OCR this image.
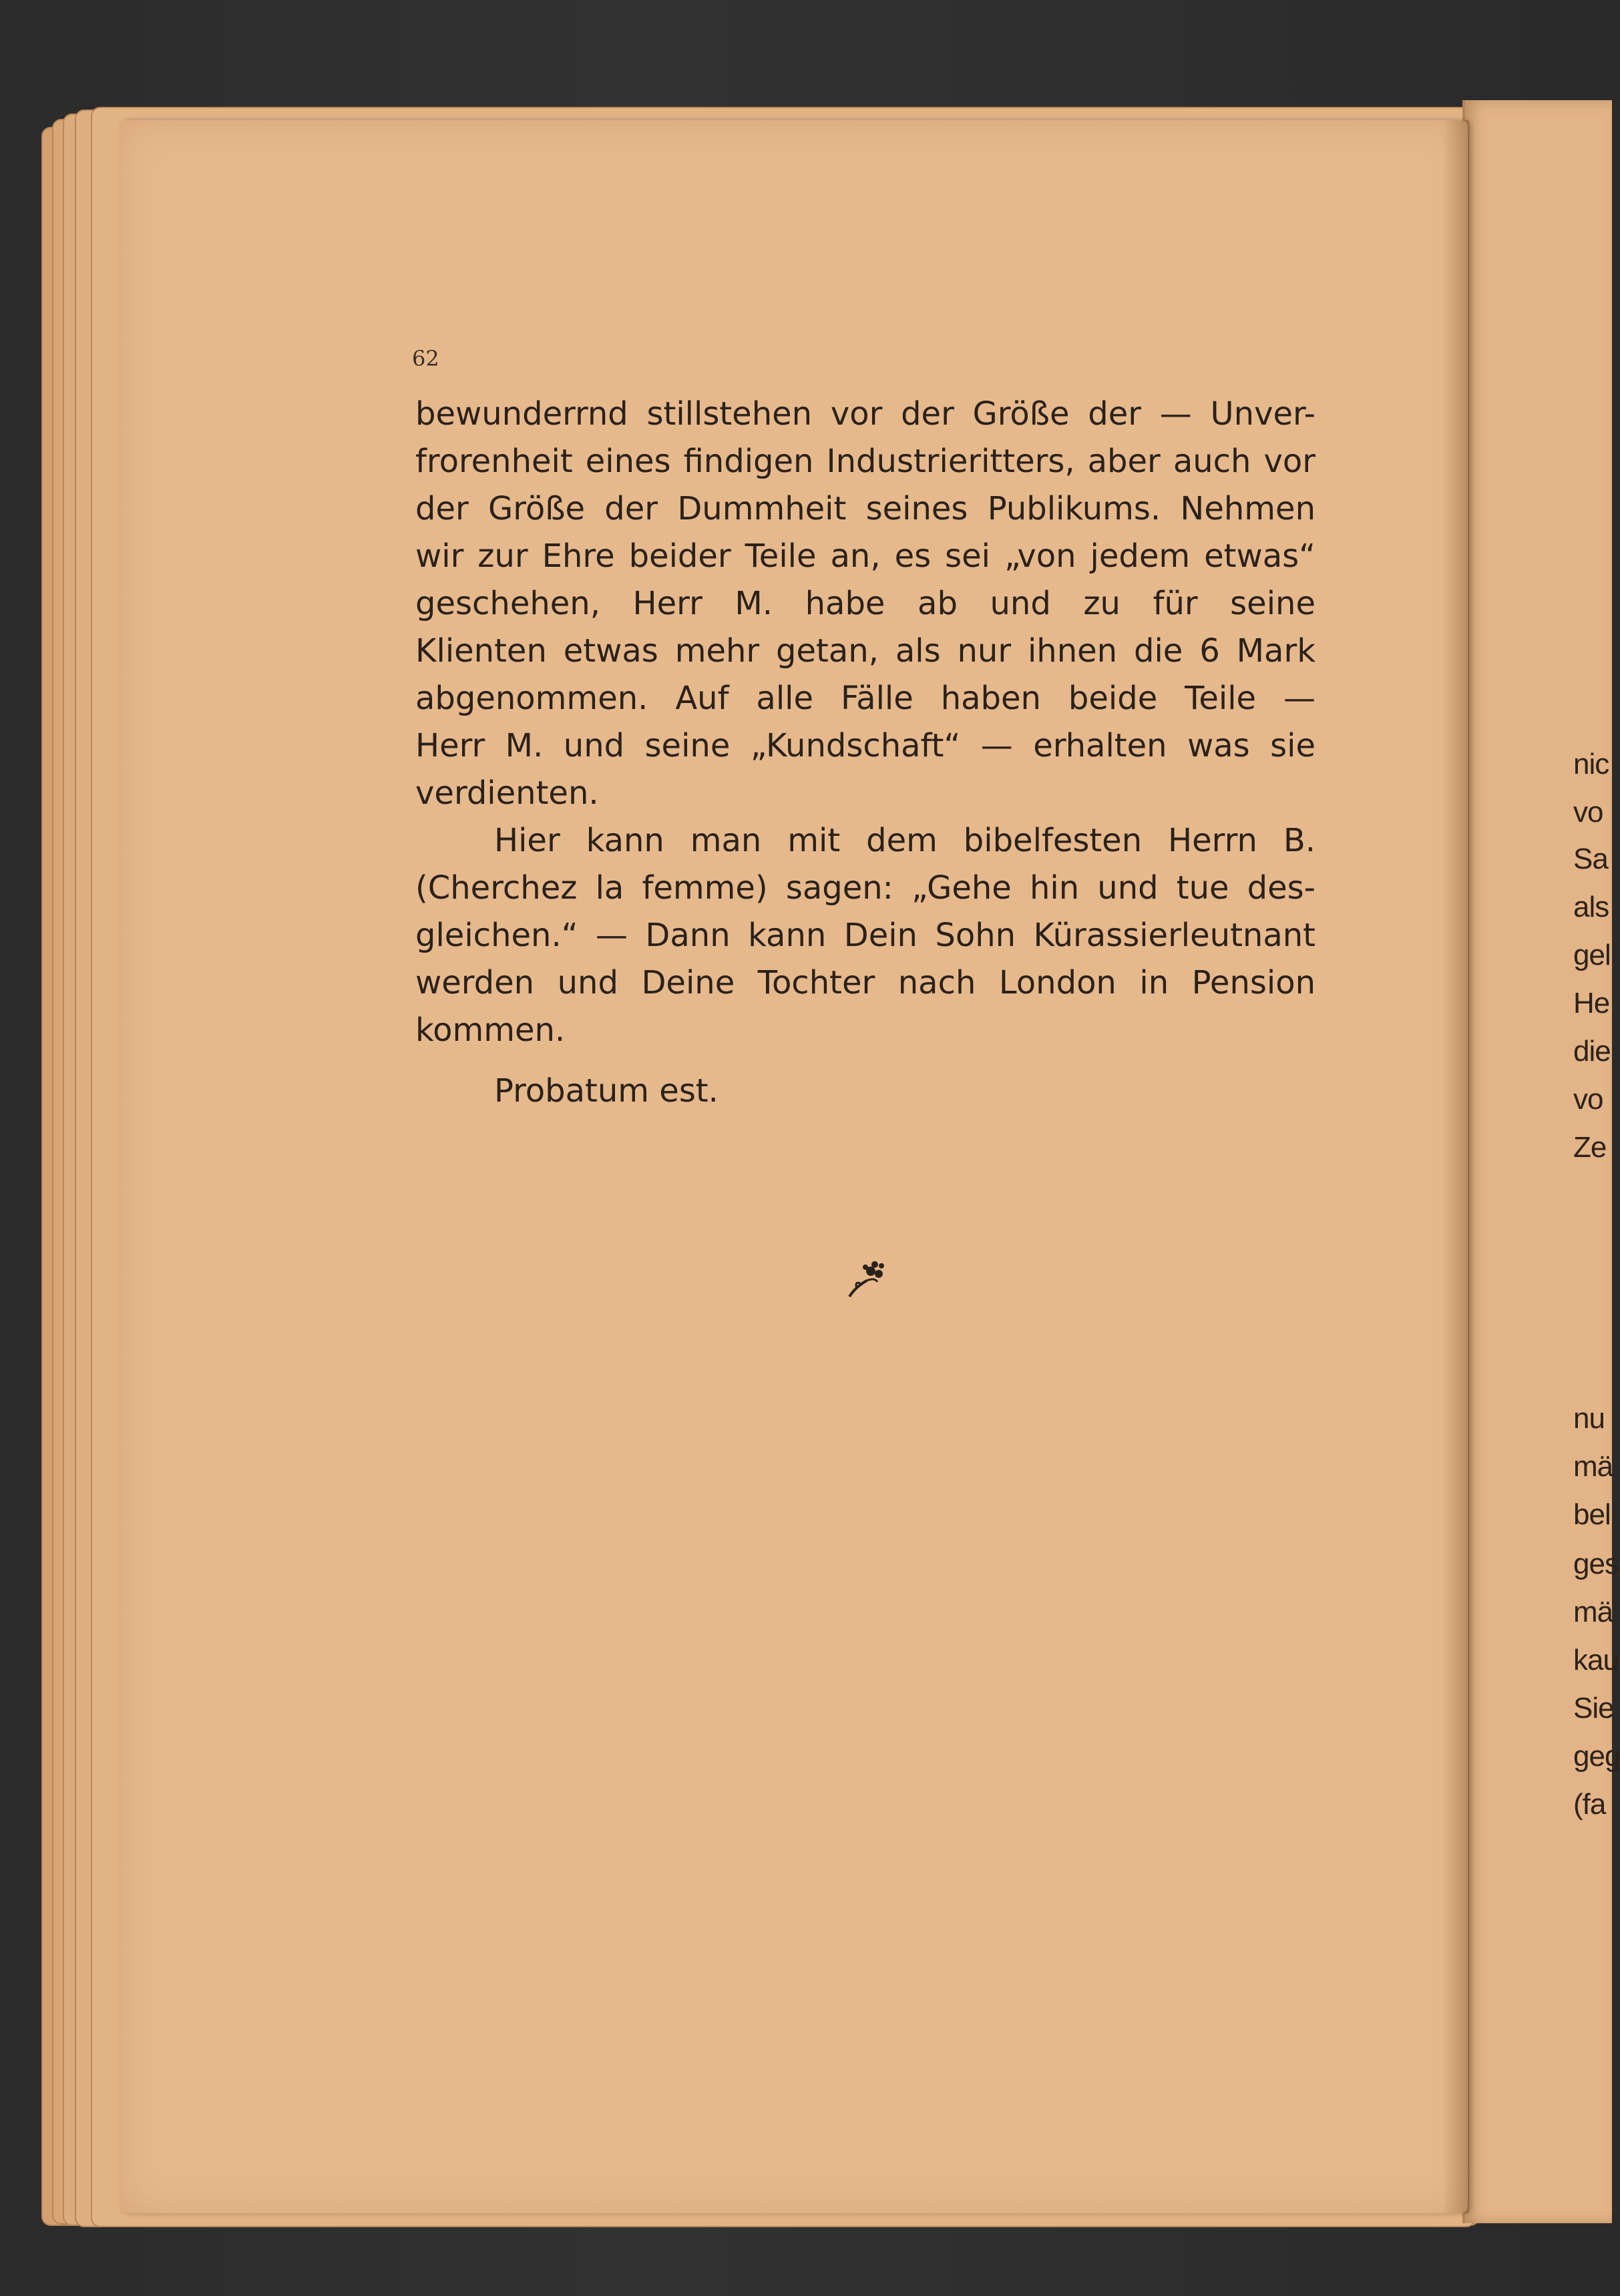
nic
vo
Sa
als
gel
He
die
vo
Ze
nu
mä
bel
ges
mä
kau
Sie
geg
(fa
62
bewunderrnd stillstehen vor der Größe der — Unver-
frorenheit eines findigen Industrieritters, aber auch vor
der Größe der Dummheit seines Publikums. Nehmen
wir zur Ehre beider Teile an, es sei „von jedem etwas“
geschehen, Herr M. habe ab und zu für seine
Klienten etwas mehr getan, als nur ihnen die 6 Mark
abgenommen. Auf alle Fälle haben beide Teile —
Herr M. und seine „Kundschaft“ — erhalten was sie
verdienten.
Hier kann man mit dem bibelfesten Herrn B.
(Cherchez la femme) sagen: „Gehe hin und tue des-
gleichen.“ — Dann kann Dein Sohn Kürassierleutnant
werden und Deine Tochter nach London in Pension
kommen.
Probatum est.
